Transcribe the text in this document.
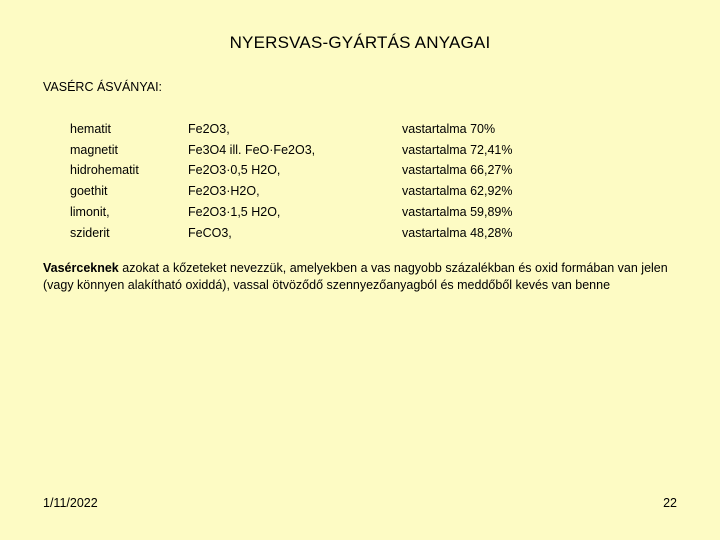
NYERSVAS-GYÁRTÁS ANYAGAI
VASÉRC ÁSVÁNYAI:
hematit	Fe2O3,	vastartalma 70%
magnetit	Fe3O4 ill. FeO·Fe2O3,	vastartalma 72,41%
hidrohematit	Fe2O3·0,5 H2O,	vastartalma 66,27%
goethit	Fe2O3·H2O,	vastartalma 62,92%
limonit,	Fe2O3·1,5 H2O,	vastartalma 59,89%
sziderit	FeCO3,	vastartalma 48,28%
Vasérceknek azokat a kőzeteket nevezzük, amelyekben a vas nagyobb százalékban és oxid formában van jelen (vagy könnyen alakítható oxiddá), vassal ötvöződő szennyezőanyagból és meddőből kevés van benne
1/11/2022	22
